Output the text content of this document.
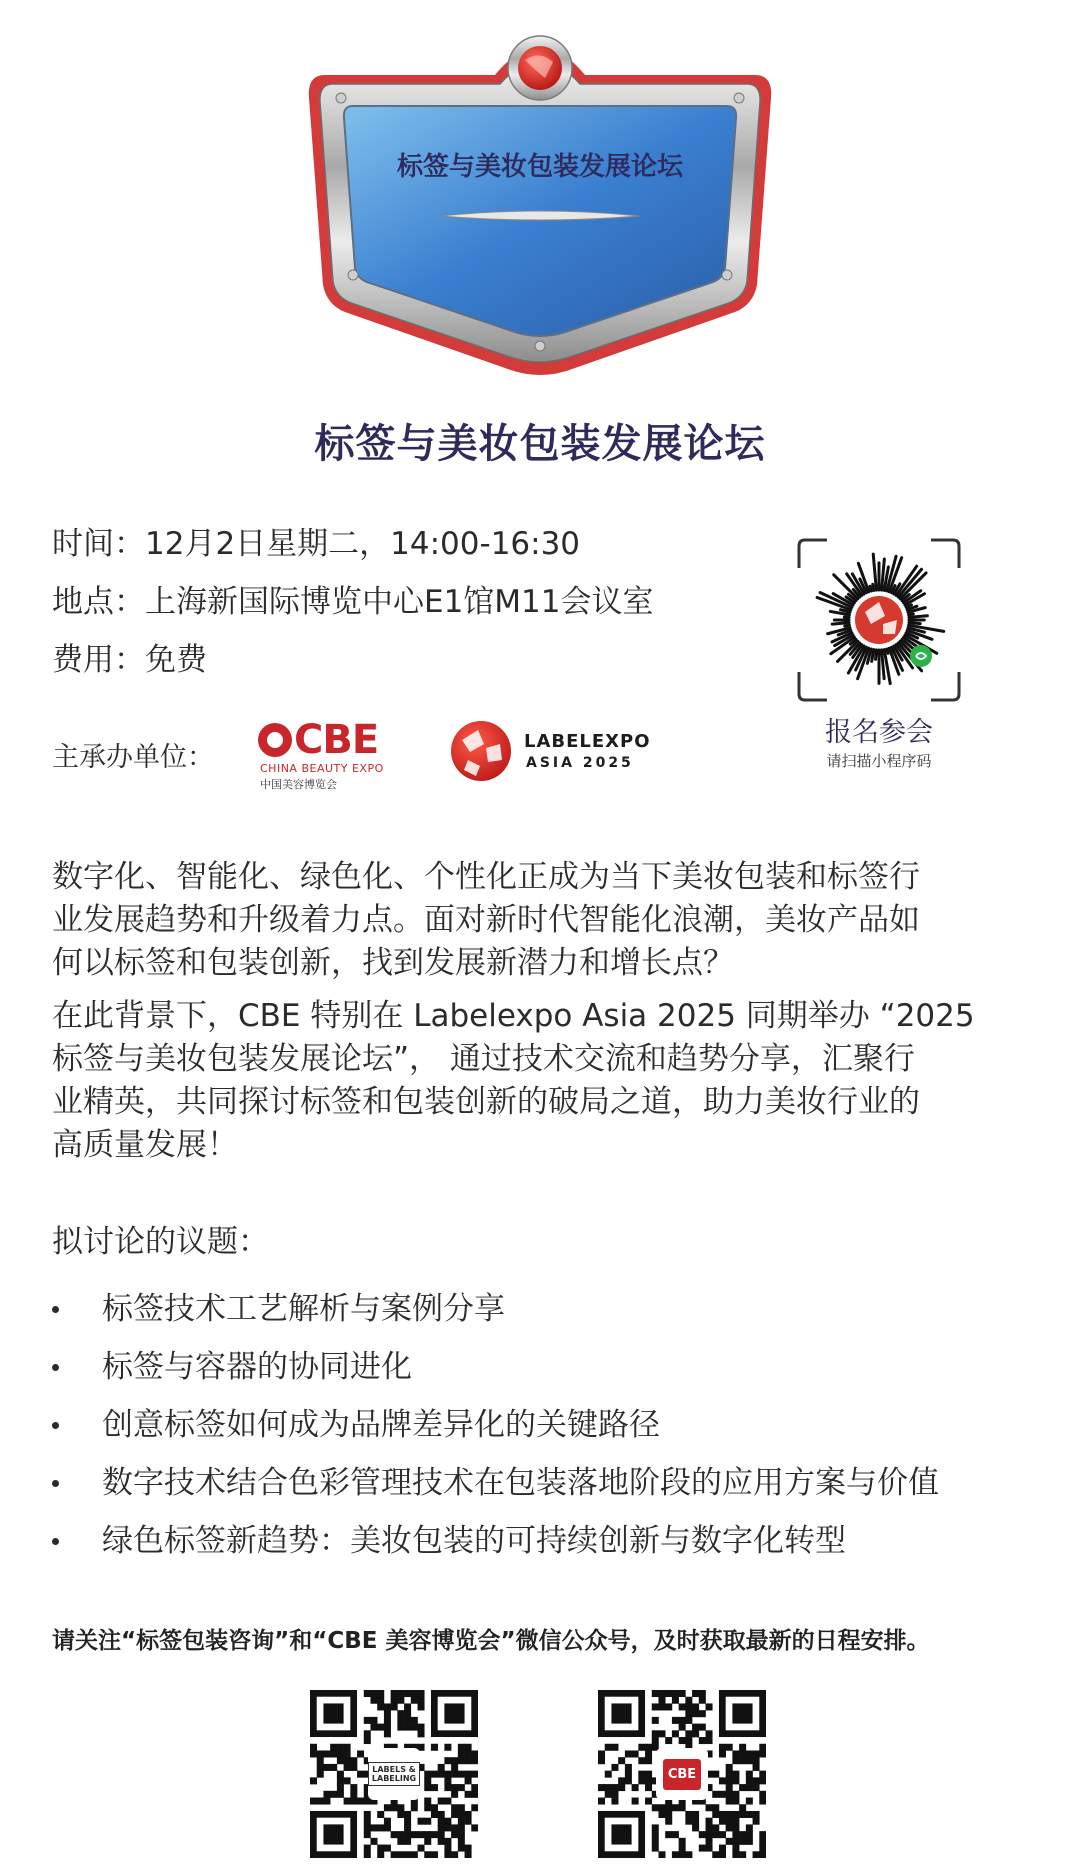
标签与美妆包装发展论坛
标签与美妆包装发展论坛
时间：12月2日星期二，14:00-16:30
地点：上海新国际博览中心E1馆M11会议室
费用：免费
主承办单位：	CBE
CHINA BEAUTY EXPO
中国美容博览会
LABELEXPO
ASIA 2025
报名参会
请扫描小程序码
数字化、智能化、绿色化、个性化正成为当下美妆包装和标签行
业发展趋势和升级着力点。面对新时代智能化浪潮，美妆产品如
何以标签和包装创新，找到发展新潜力和增长点？
在此背景下，CBE 特别在 Labelexpo Asia 2025 同期举办 “2025
标签与美妆包装发展论坛”， 通过技术交流和趋势分享，汇聚行
业精英，共同探讨标签和包装创新的破局之道，助力美妆行业的
高质量发展！
拟讨论的议题：
标签技术工艺解析与案例分享
标签与容器的协同进化
创意标签如何成为品牌差异化的关键路径
数字技术结合色彩管理技术在包装落地阶段的应用方案与价值
绿色标签新趋势：美妆包装的可持续创新与数字化转型
请关注“标签包装咨询”和“CBE 美容博览会”微信公众号，及时获取最新的日程安排。
LABELS &
LABELING	CBE
